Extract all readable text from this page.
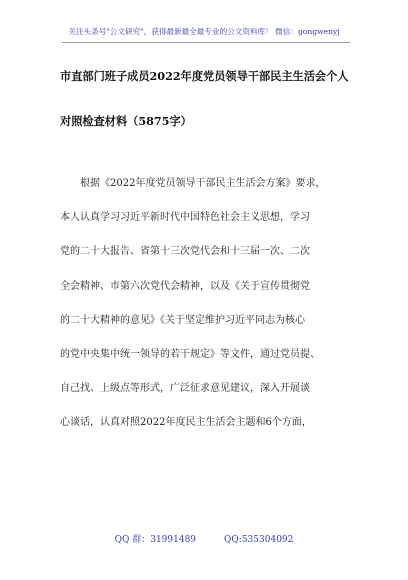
关注头条号"公文研究"，获得最新最全最专业的公文资料库！ 微信：gongwenyj
市直部门班子成员2022年度党员领导干部民主生活会个人
对照检查材料（5875字）
根据《2022年度党员领导干部民主生活会方案》要求，
本人认真学习习近平新时代中国特色社会主义思想，学习
党的二十大报告、省第十三次党代会和十三届一次、二次
全会精神、市第六次党代会精神，以及《关于宣传贯彻党
的二十大精神的意见》《关于坚定维护习近平同志为核心
的党中央集中统一领导的若干规定》等文件，通过党员提、
自己找、上级点等形式，广泛征求意见建议，深入开展谈
心谈话，认真对照2022年度民主生活会主题和6个方面，
QQ 群：31991489	QQ:535304092
